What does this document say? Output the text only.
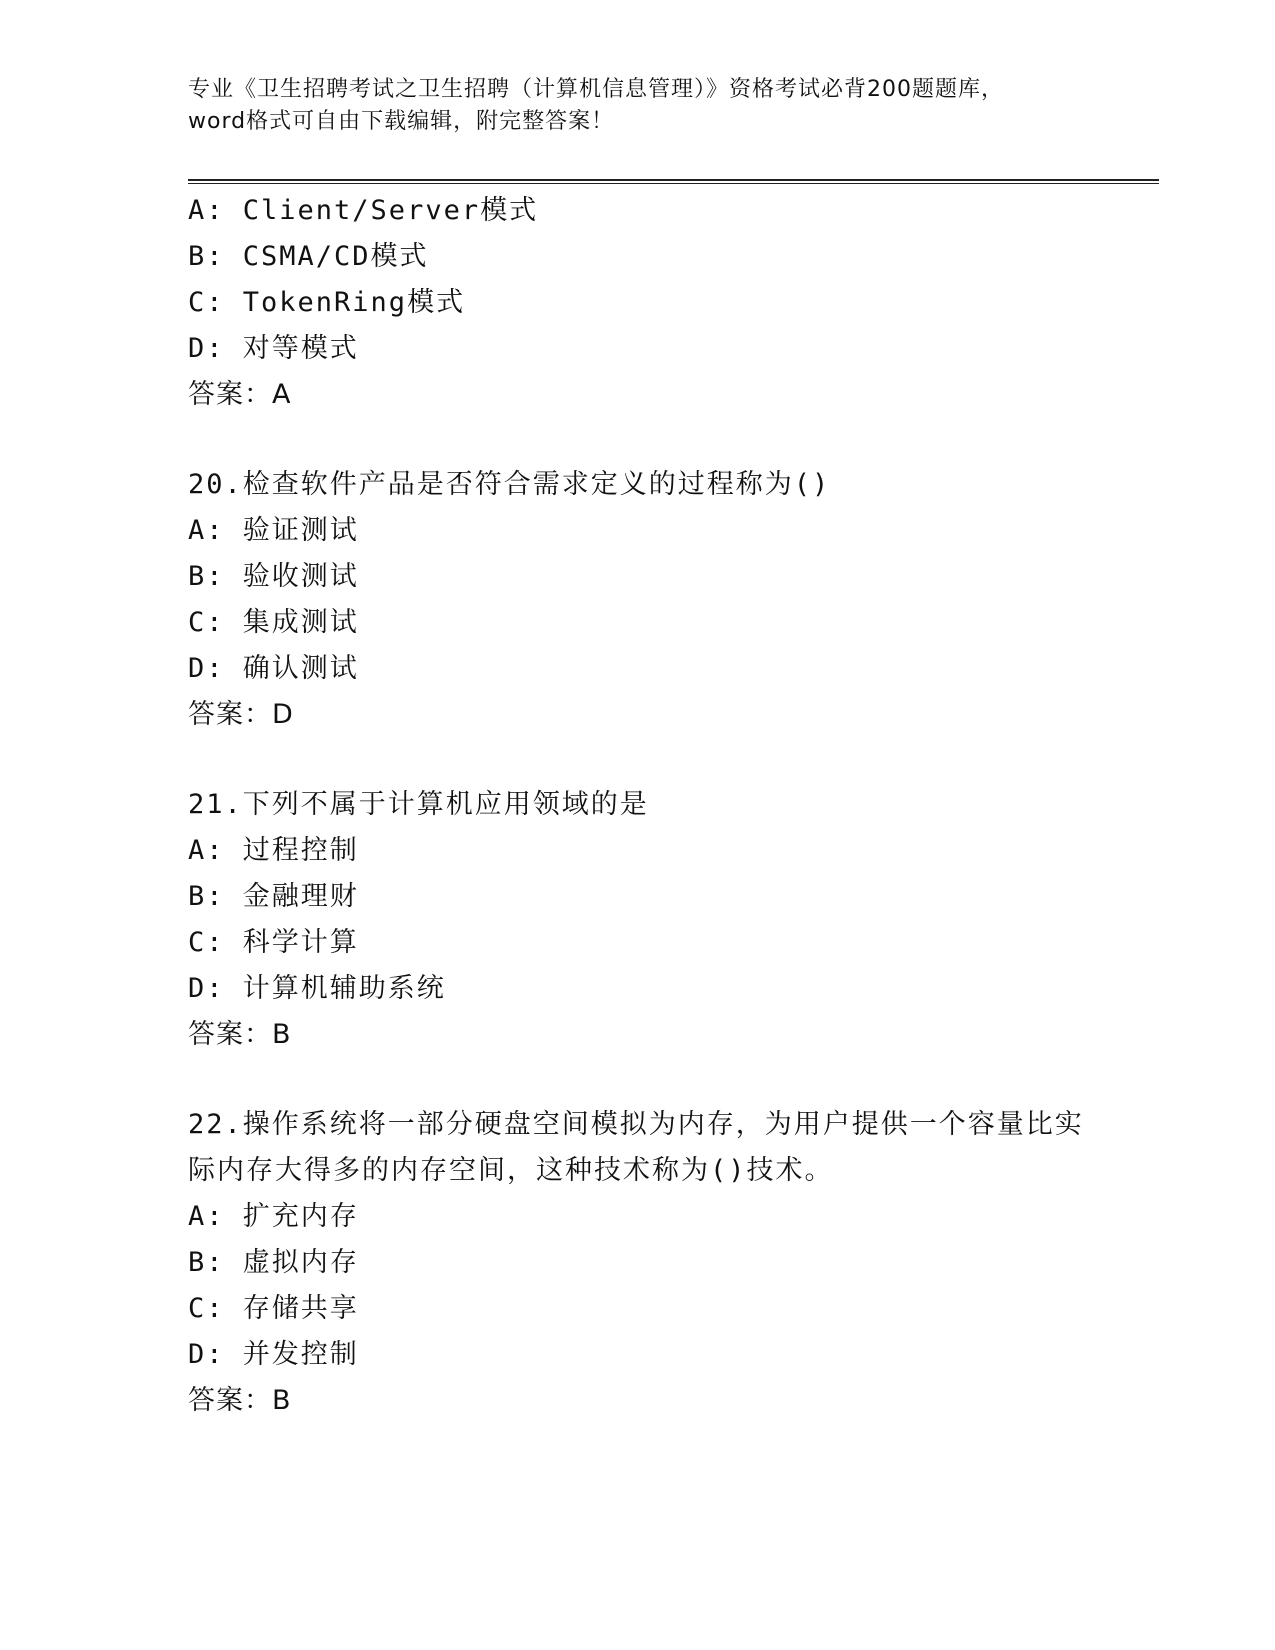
专业《卫生招聘考试之卫生招聘（计算机信息管理）》资格考试必背200题题库，
word格式可自由下载编辑，附完整答案！
A: Client/Server模式
B: CSMA/CD模式
C: TokenRing模式
D: 对等模式
答案：A
20.检查软件产品是否符合需求定义的过程称为()
A: 验证测试
B: 验收测试
C: 集成测试
D: 确认测试
答案：D
21.下列不属于计算机应用领域的是
A: 过程控制
B: 金融理财
C: 科学计算
D: 计算机辅助系统
答案：B
22.操作系统将一部分硬盘空间模拟为内存，为用户提供一个容量比实
际内存大得多的内存空间，这种技术称为()技术。
A: 扩充内存
B: 虚拟内存
C: 存储共享
D: 并发控制
答案：B
